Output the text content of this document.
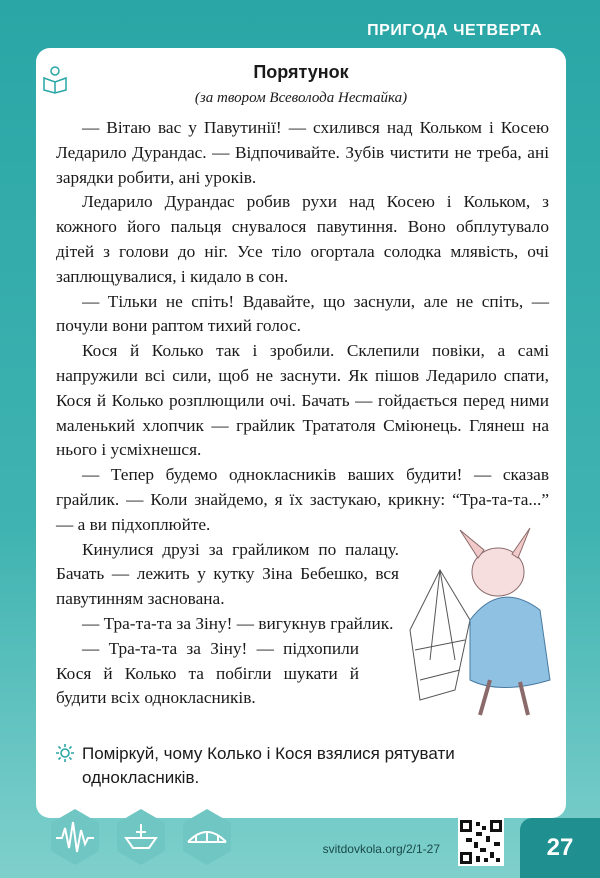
ПРИГОДА ЧЕТВЕРТА
Порятунок
(за твором Всеволода Нестайка)

— Вітаю вас у Павутинії! — схилився над Кольком і Косею Ледарило Дурандас. — Відпочивайте. Зубів чистити не треба, ані зарядки робити, ані уроків.

Ледарило Дурандас робив рухи над Косею і Кольком, з кожного його пальця снувалося павутиння. Воно обплутувало дітей з голови до ніг. Усе тіло огортала солодка млявість, очі заплющувалися, і кидало в сон.

— Тільки не спіть! Вдавайте, що заснули, але не спіть, — почули вони раптом тихий голос.

Кося й Колько так і зробили. Склепили повіки, а самі напружили всі сили, щоб не заснути. Як пішов Ледарило спати, Кося й Колько розплющили очі. Бачать — гойдається перед ними маленький хлопчик — грайлик Трататоля Сміюнець. Глянеш на нього і усміхнешся.

— Тепер будемо однокласників ваших будити! — сказав грайлик. — Коли знайдемо, я їх застукаю, крикну: “Тра-та-та...” — а ви підхоплюйте.

Кинулися друзі за грайликом по палацу. Бачать — лежить у кутку Зіна Бебешко, вся павутинням заснована.

— Тра-та-та за Зіну! — вигукнув грайлик.

— Тра-та-та за Зіну! — підхопили Кося й Колько та побігли шукати й будити всіх однокласників.

Поміркуй, чому Колько і Кося взялися рятувати однокласників.
svitdovkola.org/2/1-27	27
